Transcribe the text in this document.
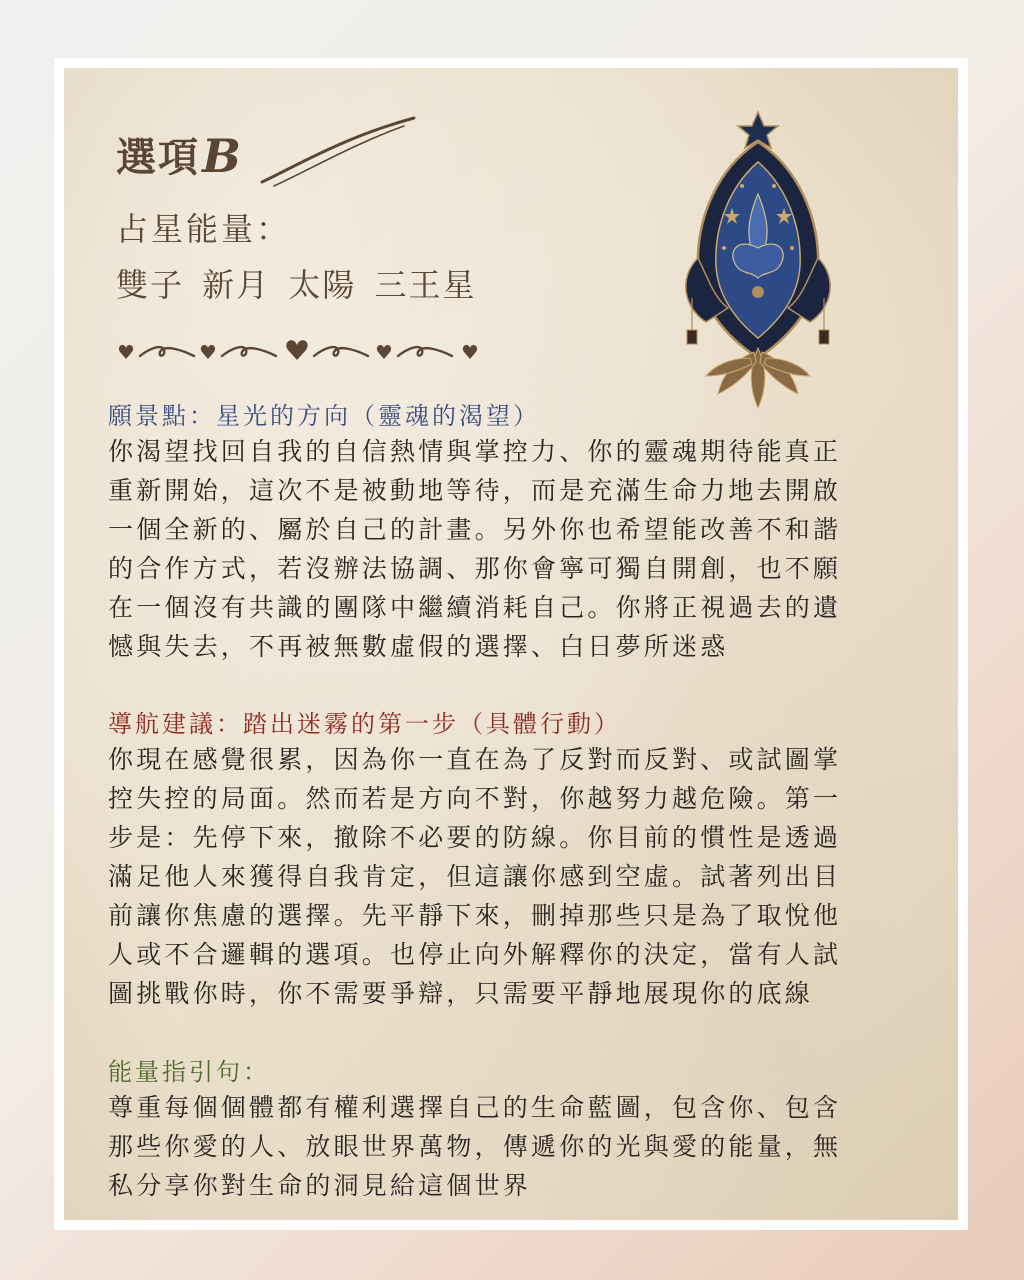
選項 B
占星能量：
雙子 新月 太陽 三王星
願景點：星光的方向（靈魂的渴望）
你渴望找回自我的自信熱情與掌控力、你的靈魂期待能真正
重新開始，這次不是被動地等待，而是充滿生命力地去開啟
一個全新的、屬於自己的計畫。另外你也希望能改善不和諧
的合作方式，若沒辦法協調、那你會寧可獨自開創，也不願
在一個沒有共識的團隊中繼續消耗自己。你將正視過去的遺
憾與失去，不再被無數虛假的選擇、白日夢所迷惑
導航建議：踏出迷霧的第一步（具體行動）
你現在感覺很累，因為你一直在為了反對而反對、或試圖掌
控失控的局面。然而若是方向不對，你越努力越危險。第一
步是：先停下來，撤除不必要的防線。你目前的慣性是透過
滿足他人來獲得自我肯定，但這讓你感到空虛。試著列出目
前讓你焦慮的選擇。先平靜下來，刪掉那些只是為了取悅他
人或不合邏輯的選項。也停止向外解釋你的決定，當有人試
圖挑戰你時，你不需要爭辯，只需要平靜地展現你的底線
能量指引句：
尊重每個個體都有權利選擇自己的生命藍圖，包含你、包含
那些你愛的人、放眼世界萬物，傳遞你的光與愛的能量，無
私分享你對生命的洞見給這個世界
